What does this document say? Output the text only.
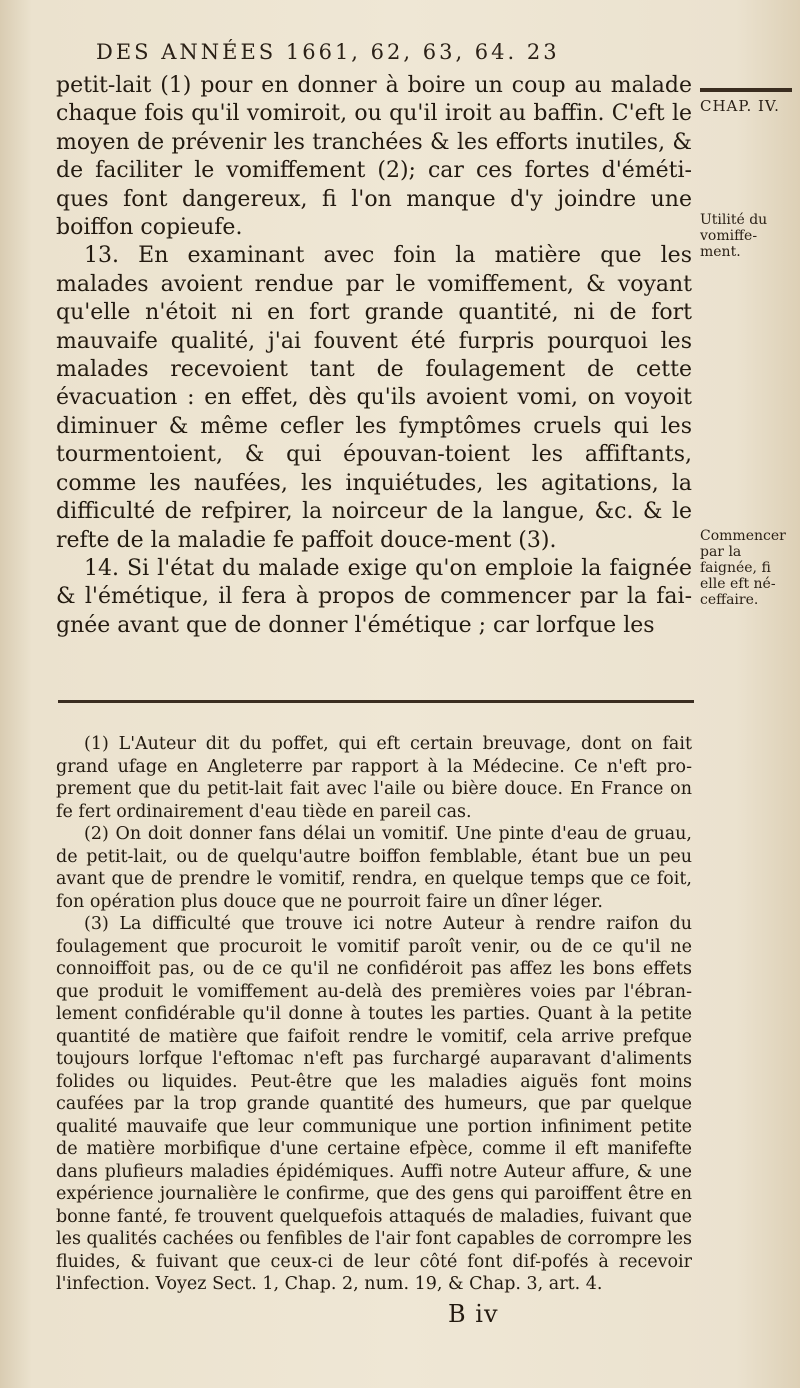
DES ANNÉES 1661, 62, 63, 64. 23

petit-lait (1) pour en donner à boire un coup au malade chaque fois qu'il vomiroit, ou qu'il iroit au baffin. C'eft le moyen de prévenir les tranchées & les efforts inutiles, & de faciliter le vomiffement (2); car ces fortes d'éméti-ques font dangereux, fi l'on manque d'y joindre une boiffon copieufe.

13. En examinant avec foin la matière que les malades avoient rendue par le vomiffement, & voyant qu'elle n'étoit ni en fort grande quantité, ni de fort mauvaife qualité, j'ai fouvent été furpris pourquoi les malades recevoient tant de foulagement de cette évacuation : en effet, dès qu'ils avoient vomi, on voyoit diminuer & même cefler les fymptômes cruels qui les tourmentoient, & qui épouvan-toient les affiftants, comme les naufées, les inquiétudes, les agitations, la difficulté de refpirer, la noirceur de la langue, &c. & le refte de la maladie fe paffoit douce-ment (3).

14. Si l'état du malade exige qu'on emploie la faignée & l'émétique, il fera à propos de commencer par la fai-gnée avant que de donner l'émétique ; car lorfque les

CHAP. IV.
Utilité du vomiffe-ment.
Commencer par la faignée, fi elle eft né-ceffaire.

(1) L'Auteur dit du poffet, qui eft certain breuvage, dont on fait grand ufage en Angleterre par rapport à la Médecine. Ce n'eft pro-prement que du petit-lait fait avec l'aile ou bière douce. En France on fe fert ordinairement d'eau tiède en pareil cas.

(2) On doit donner fans délai un vomitif. Une pinte d'eau de gruau, de petit-lait, ou de quelqu'autre boiffon femblable, étant bue un peu avant que de prendre le vomitif, rendra, en quelque temps que ce foit, fon opération plus douce que ne pourroit faire un dîner léger.

(3) La difficulté que trouve ici notre Auteur à rendre raifon du foulagement que procuroit le vomitif paroît venir, ou de ce qu'il ne connoiffoit pas, ou de ce qu'il ne confidéroit pas affez les bons effets que produit le vomiffement au-delà des premières voies par l'ébran-lement confidérable qu'il donne à toutes les parties. Quant à la petite quantité de matière que faifoit rendre le vomitif, cela arrive prefque toujours lorfque l'eftomac n'eft pas furchargé auparavant d'aliments folides ou liquides. Peut-être que les maladies aiguës font moins caufées par la trop grande quantité des humeurs, que par quelque qualité mauvaife que leur communique une portion infiniment petite de matière morbifique d'une certaine efpèce, comme il eft manifefte dans plufieurs maladies épidémiques. Auffi notre Auteur affure, & une expérience journalière le confirme, que des gens qui paroiffent être en bonne fanté, fe trouvent quelquefois attaqués de maladies, fuivant que les qualités cachées ou fenfibles de l'air font capables de corrompre les fluides, & fuivant que ceux-ci de leur côté font dif-pofés à recevoir l'infection. Voyez Sect. 1, Chap. 2, num. 19, & Chap. 3, art. 4.

B iv
